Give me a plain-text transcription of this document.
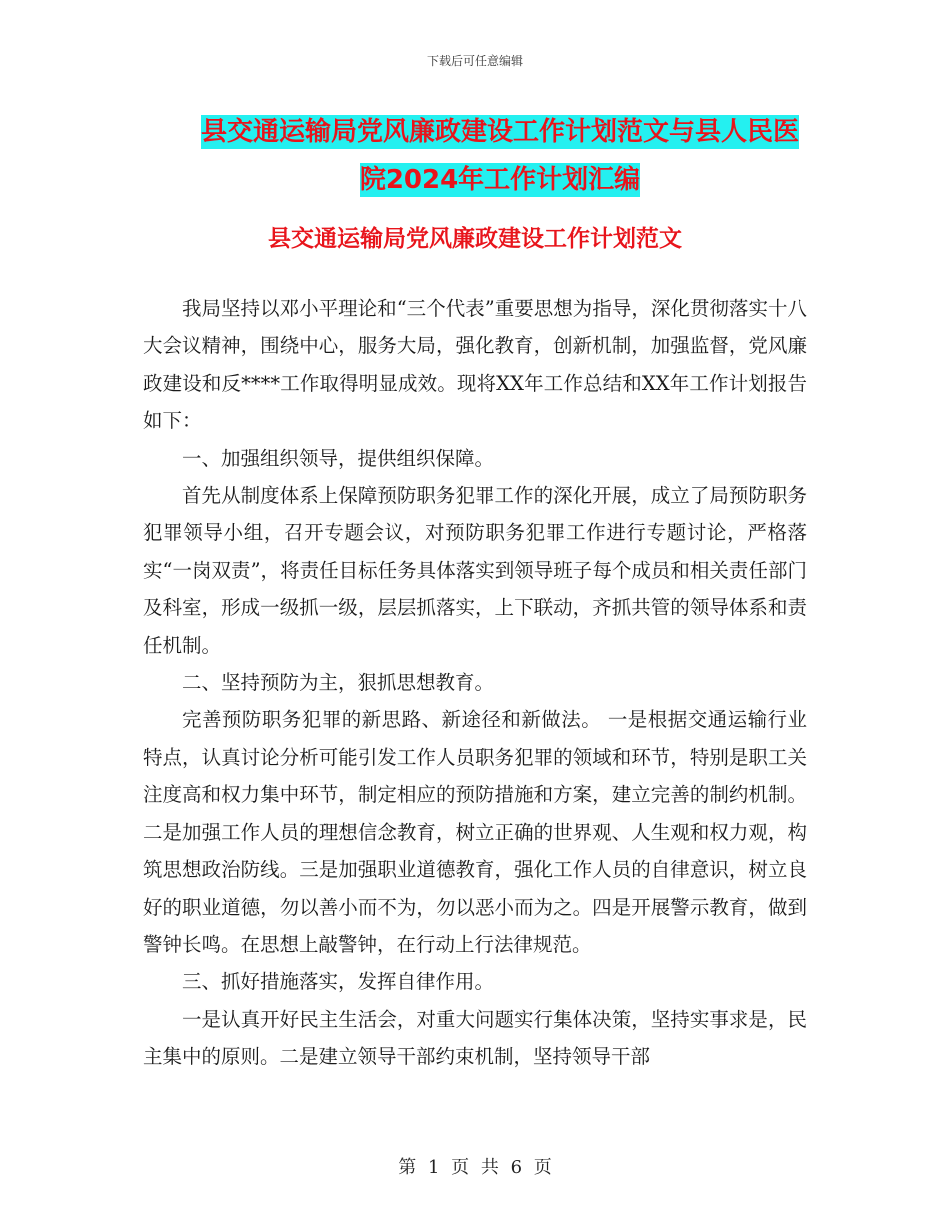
下载后可任意编辑
县交通运输局党风廉政建设工作计划范文与县人民医
院2024年工作计划汇编
县交通运输局党风廉政建设工作计划范文

我局坚持以邓小平理论和“三个代表”重要思想为指导，深化贯彻落实十八大会议精神，围绕中心，服务大局，强化教育，创新机制，加强监督，党风廉政建设和反****工作取得明显成效。现将XX年工作总结和XX年工作计划报告如下：

一、加强组织领导，提供组织保障。

首先从制度体系上保障预防职务犯罪工作的深化开展，成立了局预防职务犯罪领导小组，召开专题会议，对预防职务犯罪工作进行专题讨论，严格落实“一岗双责”，将责任目标任务具体落实到领导班子每个成员和相关责任部门及科室，形成一级抓一级，层层抓落实，上下联动，齐抓共管的领导体系和责任机制。

二、坚持预防为主，狠抓思想教育。

完善预防职务犯罪的新思路、新途径和新做法。 一是根据交通运输行业特点，认真讨论分析可能引发工作人员职务犯罪的领域和环节，特别是职工关注度高和权力集中环节，制定相应的预防措施和方案，建立完善的制约机制。二是加强工作人员的理想信念教育，树立正确的世界观、人生观和权力观，构筑思想政治防线。三是加强职业道德教育，强化工作人员的自律意识，树立良好的职业道德，勿以善小而不为，勿以恶小而为之。四是开展警示教育，做到警钟长鸣。在思想上敲警钟，在行动上行法律规范。

三、抓好措施落实，发挥自律作用。

一是认真开好民主生活会，对重大问题实行集体决策，坚持实事求是，民主集中的原则。二是建立领导干部约束机制，坚持领导干部

第 1 页 共 6 页
